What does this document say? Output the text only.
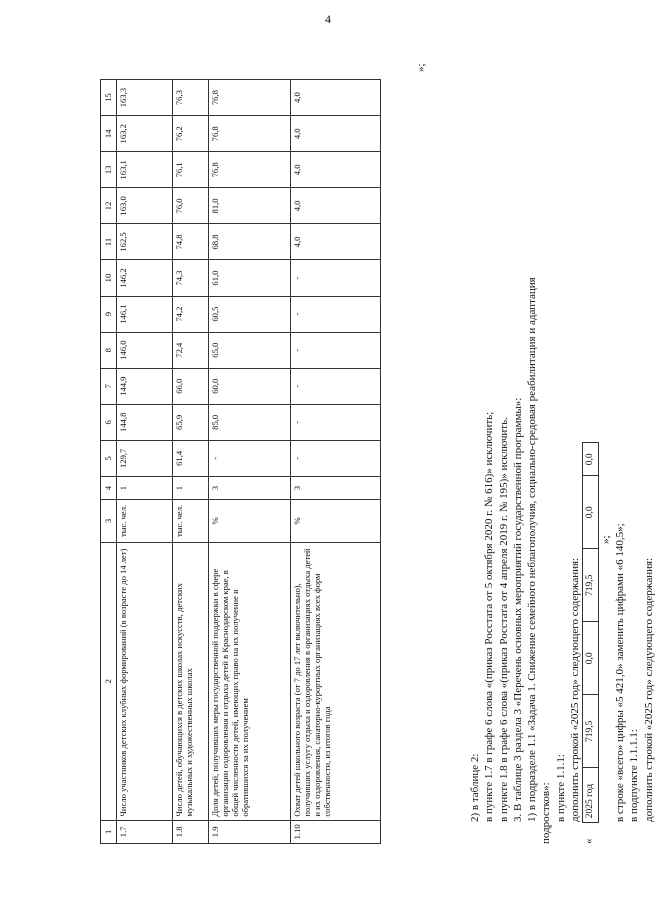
4
1	2	3	4	5	6	7	8	9	10	11	12	13	14	15
1.7	Число участников детских клубных формирований (в возрасте до 14 лет)	тыс. чел.	1	129,7	144,8	144,9	146,0	146,1	146,2	162,5	163,0	163,1	163,2	163,3
1.8	Число детей, обучающихся в детских школах искусств, детских музыкальных и художественных школах	тыс. чел.	1	61,4	65,9	66,0	72,4	74,2	74,3	74,8	76,0	76,1	76,2	76,3
1.9	Доля детей, получивших меры государственной поддержки в сфере организации оздоровления и отдыха детей в Краснодарском крае, в общей численности детей, имеющих право на их получение и обратившихся за их получением	%	3	-	85,0	60,0	65,0	60,5	61,0	68,8	81,0	76,8	76,8	76,8
1.10	Охват детей школьного возраста (от 7 до 17 лет включительно), получивших услугу отдыха и оздоровления в организациях отдыха детей и их оздоровления, санаторно-курортных организациях всех форм собственности, из итогов года	%	3	-	-	-	-	-	-	4,0	4,0	4,0	4,0	4,0
»;
2) в таблице 2: в пункте 1.7 в графе 6 слова «(приказ Росстата от 5 октября 2020 г. № 616)» исключить; в пункте 1.8 в графе 6 слова «(приказ Росстата от 4 апреля 2019 г. № 195)» исключить. 3. В таблице 3 раздела 3 «Перечень основных мероприятий государственной программы»: 1) в подразделе 1.1 «Задача 1. Снижение семейного неблагополучия, социально-средовая реабилитация и адаптация подростков»: в пункте 1.1.1: дополнить строкой «2025 год» следующего содержания:
« 2025 год	719,5	0,0	719,5	0,0	0,0
»; в строке «всего» цифры «5 421,0» заменить цифрами «6 140,5»; в подпункте 1.1.1.1: дополнить строкой «2025 год» следующего содержания:
